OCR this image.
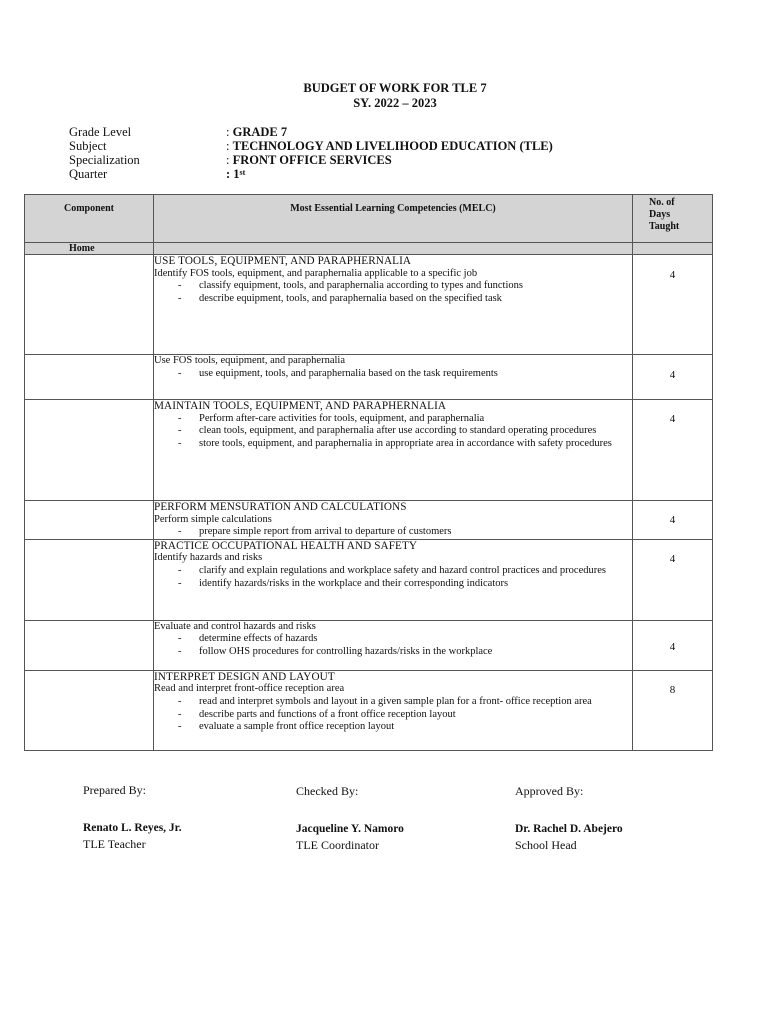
BUDGET OF WORK FOR TLE 7
SY. 2022 – 2023
Grade Level	: GRADE 7
Subject	: TECHNOLOGY AND LIVELIHOOD EDUCATION (TLE)
Specialization	: FRONT OFFICE SERVICES
Quarter	: 1st
Component	Most Essential Learning Competencies (MELC)	No. of
Days
Taught

Home		

	USE TOOLS, EQUIPMENT, AND PARAPHERNALIA
Identify FOS tools, equipment, and paraphernalia applicable to a specific job
- classify equipment, tools, and paraphernalia according to types and functions
- describe equipment, tools, and paraphernalia based on the specified task	4

	Use FOS tools, equipment, and paraphernalia
- use equipment, tools, and paraphernalia based on the task requirements	4

	MAINTAIN TOOLS, EQUIPMENT, AND PARAPHERNALIA
- Perform after-care activities for tools, equipment, and paraphernalia
- clean tools, equipment, and paraphernalia after use according to standard operating procedures
- store tools, equipment, and paraphernalia in appropriate area in accordance with safety procedures	4

	PERFORM MENSURATION AND CALCULATIONS
Perform simple calculations
- prepare simple report from arrival to departure of customers	4

	PRACTICE OCCUPATIONAL HEALTH AND SAFETY
Identify hazards and risks
- clarify and explain regulations and workplace safety and hazard control practices and procedures
- identify hazards/risks in the workplace and their corresponding indicators	4

	Evaluate and control hazards and risks
- determine effects of hazards
- follow OHS procedures for controlling hazards/risks in the workplace	4

	INTERPRET DESIGN AND LAYOUT
Read and interpret front-office reception area
- read and interpret symbols and layout in a given sample plan for a front- office reception area
- describe parts and functions of a front office reception layout
- evaluate a sample front office reception layout	8
Prepared By:
Renato L. Reyes, Jr.
TLE Teacher
Checked By:
Jacqueline Y. Namoro
TLE Coordinator
Approved By:
Dr. Rachel D. Abejero
School Head
